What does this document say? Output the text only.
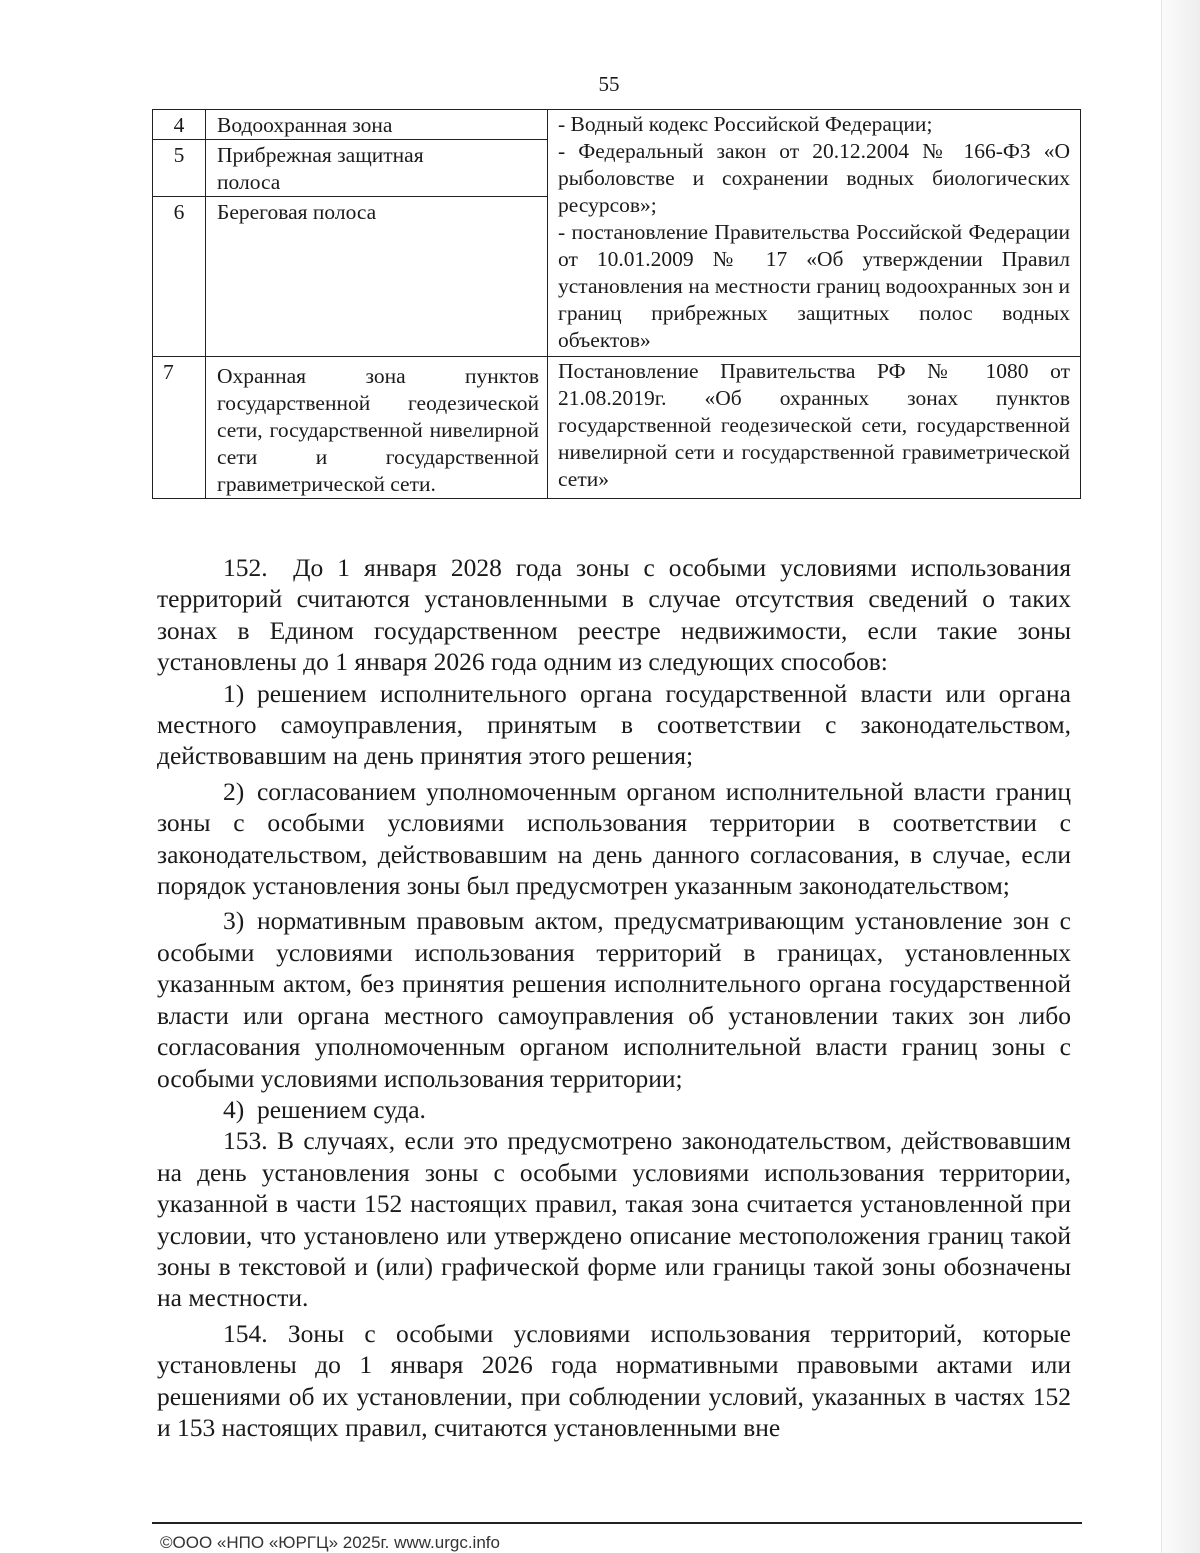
55
4	Водоохранная зона	- Водный кодекс Российской Федерации;
- Федеральный закон от 20.12.2004 № 166-ФЗ «О рыболовстве и сохранении водных биологических ресурсов»;
- постановление Правительства Российской Федерации от 10.01.2009 № 17 «Об утверждении Правил установления на местности границ водоохранных зон и границ прибрежных защитных полос водных объектов»

5	Прибрежная защитная полоса	
6	Береговая полоса	
7	Охранная зона пунктов государственной геодезической сети, государственной нивелирной сети и государственной гравиметрической сети.	Постановление Правительства РФ № 1080 от 21.08.2019г. «Об охранных зонах пунктов государственной геодезической сети, государственной нивелирной сети и государственной гравиметрической сети»

152. До 1 января 2028 года зоны с особыми условиями использования территорий считаются установленными в случае отсутствия сведений о таких зонах в Едином государственном реестре недвижимости, если такие зоны установлены до 1 января 2026 года одним из следующих способов:

1) решением исполнительного органа государственной власти или органа местного самоуправления, принятым в соответствии с законодательством, действовавшим на день принятия этого решения;

2) согласованием уполномоченным органом исполнительной власти границ зоны с особыми условиями использования территории в соответствии с законодательством, действовавшим на день данного согласования, в случае, если порядок установления зоны был предусмотрен указанным законодательством;

3) нормативным правовым актом, предусматривающим установление зон с особыми условиями использования территорий в границах, установленных указанным актом, без принятия решения исполнительного органа государственной власти или органа местного самоуправления об установлении таких зон либо согласования уполномоченным органом исполнительной власти границ зоны с особыми условиями использования территории;

4) решением суда.

153. В случаях, если это предусмотрено законодательством, действовавшим на день установления зоны с особыми условиями использования территории, указанной в части 152 настоящих правил, такая зона считается установленной при условии, что установлено или утверждено описание местоположения границ такой зоны в текстовой и (или) графической форме или границы такой зоны обозначены на местности.

154. Зоны с особыми условиями использования территорий, которые установлены до 1 января 2026 года нормативными правовыми актами или решениями об их установлении, при соблюдении условий, указанных в частях 152 и 153 настоящих правил, считаются установленными вне

©ООО «НПО «ЮРГЦ» 2025г. www.urgc.info
